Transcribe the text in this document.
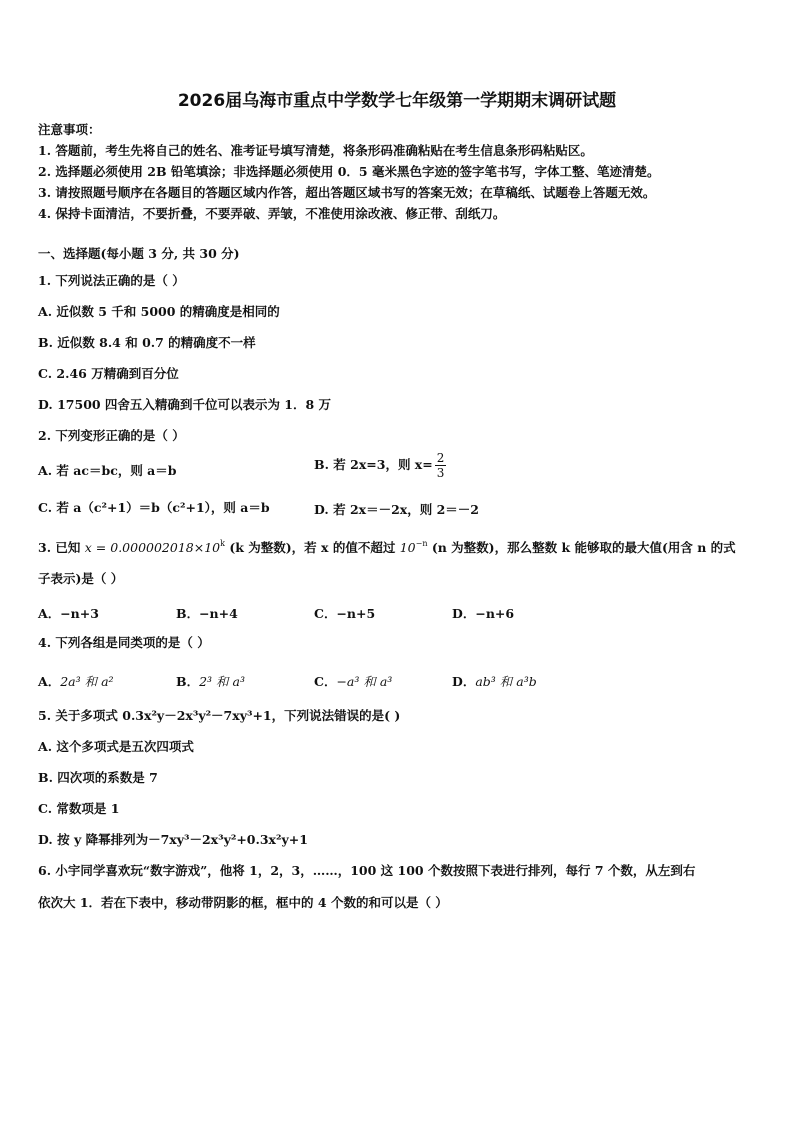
2026届乌海市重点中学数学七年级第一学期期末调研试题
注意事项：
1. 答题前，考生先将自己的姓名、准考证号填写清楚，将条形码准确粘贴在考生信息条形码粘贴区。
2. 选择题必须使用 2B 铅笔填涂；非选择题必须使用 0．5 毫米黑色字迹的签字笔书写，字体工整、笔迹清楚。
3. 请按照题号顺序在各题目的答题区域内作答，超出答题区域书写的答案无效；在草稿纸、试题卷上答题无效。
4. 保持卡面清洁，不要折叠，不要弄破、弄皱，不准使用涂改液、修正带、刮纸刀。
一、选择题(每小题 3 分, 共 30 分)
1. 下列说法正确的是（ ）
A. 近似数 5 千和 5000 的精确度是相同的
B. 近似数 8.4 和 0.7 的精确度不一样
C. 2.46 万精确到百分位
D. 17500 四舍五入精确到千位可以表示为 1．8 万
2. 下列变形正确的是（ ）
A. 若 ac＝bc，则 a＝b	B. 若 2x=3，则 $x= \frac{2}{3}$
C. 若 a（c²+1）＝b（c²+1），则 a＝b	D. 若 2x＝－2x，则 2＝－2
3. 已知 $x = 0.000002018\times 10^k$ (k 为整数)，若 x 的值不超过 $10^{-n}$ (n 为整数)，那么整数 k 能够取的最大值(用含 n 的式
子表示)是（ ）
A．−n+3	B．−n+4	C．−n+5	D．−n+6
4. 下列各组是同类项的是（ ）
A．2a³ 和 a²	B．2³ 和 a³	C．−a³ 和 a³	D．ab³ 和 a³b
5. 关于多项式 0.3x²y－2x³y²－7xy³+1，下列说法错误的是( )
A. 这个多项式是五次四项式
B. 四次项的系数是 7
C. 常数项是 1
D. 按 y 降幂排列为－7xy³－2x³y²+0.3x²y+1
6. 小宇同学喜欢玩“数字游戏”，他将 1，2，3，……，100 这 100 个数按照下表进行排列，每行 7 个数，从左到右
依次大 1．若在下表中，移动带阴影的框，框中的 4 个数的和可以是（ ）
